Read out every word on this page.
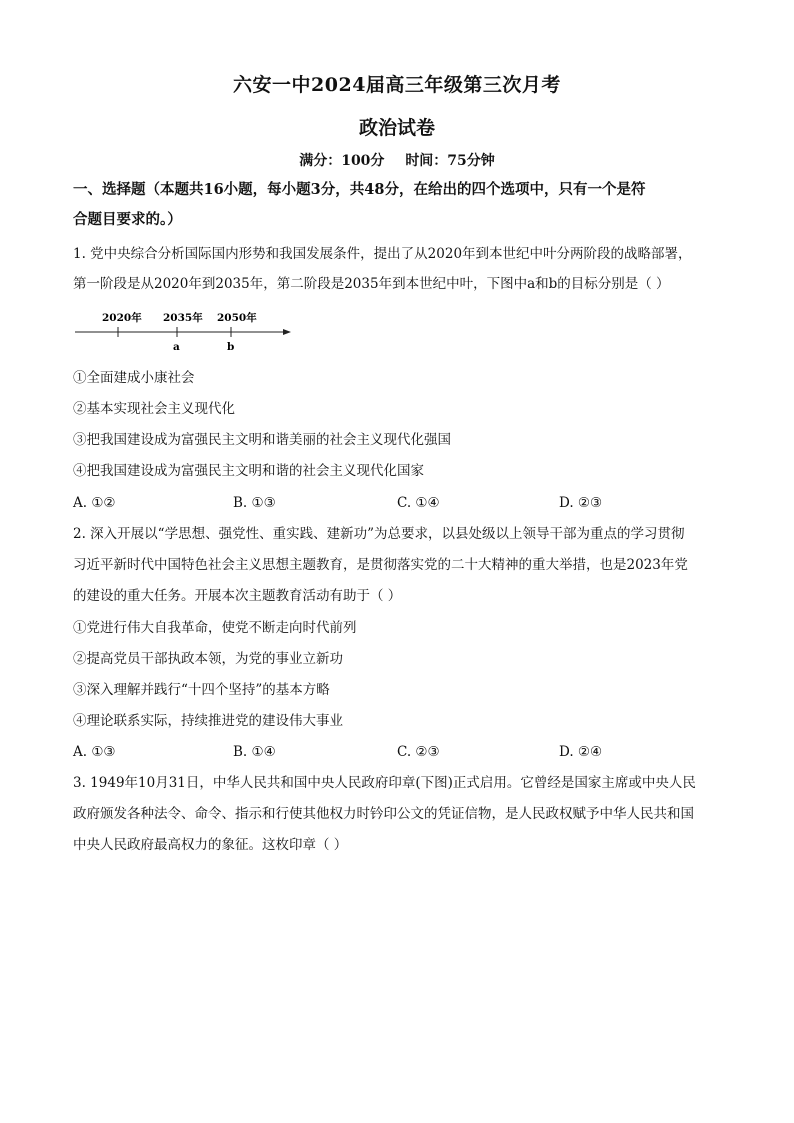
六安一中2024届高三年级第三次月考
政治试卷
满分：100分 时间：75分钟
一、选择题（本题共16小题，每小题3分，共48分，在给出的四个选项中，只有一个是符
合题目要求的。）
1. 党中央综合分析国际国内形势和我国发展条件，提出了从2020年到本世纪中叶分两阶段的战略部署，
第一阶段是从2020年到2035年，第二阶段是2035年到本世纪中叶，下图中a和b的目标分别是（ ）
2020年 2035年 2050年
a	b
①全面建成小康社会
②基本实现社会主义现代化
③把我国建设成为富强民主文明和谐美丽的社会主义现代化强国
④把我国建设成为富强民主文明和谐的社会主义现代化国家
A. ①②	B. ①③	C. ①④	D. ②③
2. 深入开展以“学思想、强党性、重实践、建新功”为总要求，以县处级以上领导干部为重点的学习贯彻
习近平新时代中国特色社会主义思想主题教育，是贯彻落实党的二十大精神的重大举措，也是2023年党
的建设的重大任务。开展本次主题教育活动有助于（ ）
①党进行伟大自我革命，使党不断走向时代前列
②提高党员干部执政本领，为党的事业立新功
③深入理解并践行“十四个坚持”的基本方略
④理论联系实际，持续推进党的建设伟大事业
A. ①③	B. ①④	C. ②③	D. ②④
3. 1949年10月31日，中华人民共和国中央人民政府印章(下图)正式启用。它曾经是国家主席或中央人民
政府颁发各种法令、命令、指示和行使其他权力时钤印公文的凭证信物，是人民政权赋予中华人民共和国
中央人民政府最高权力的象征。这枚印章（ ）
